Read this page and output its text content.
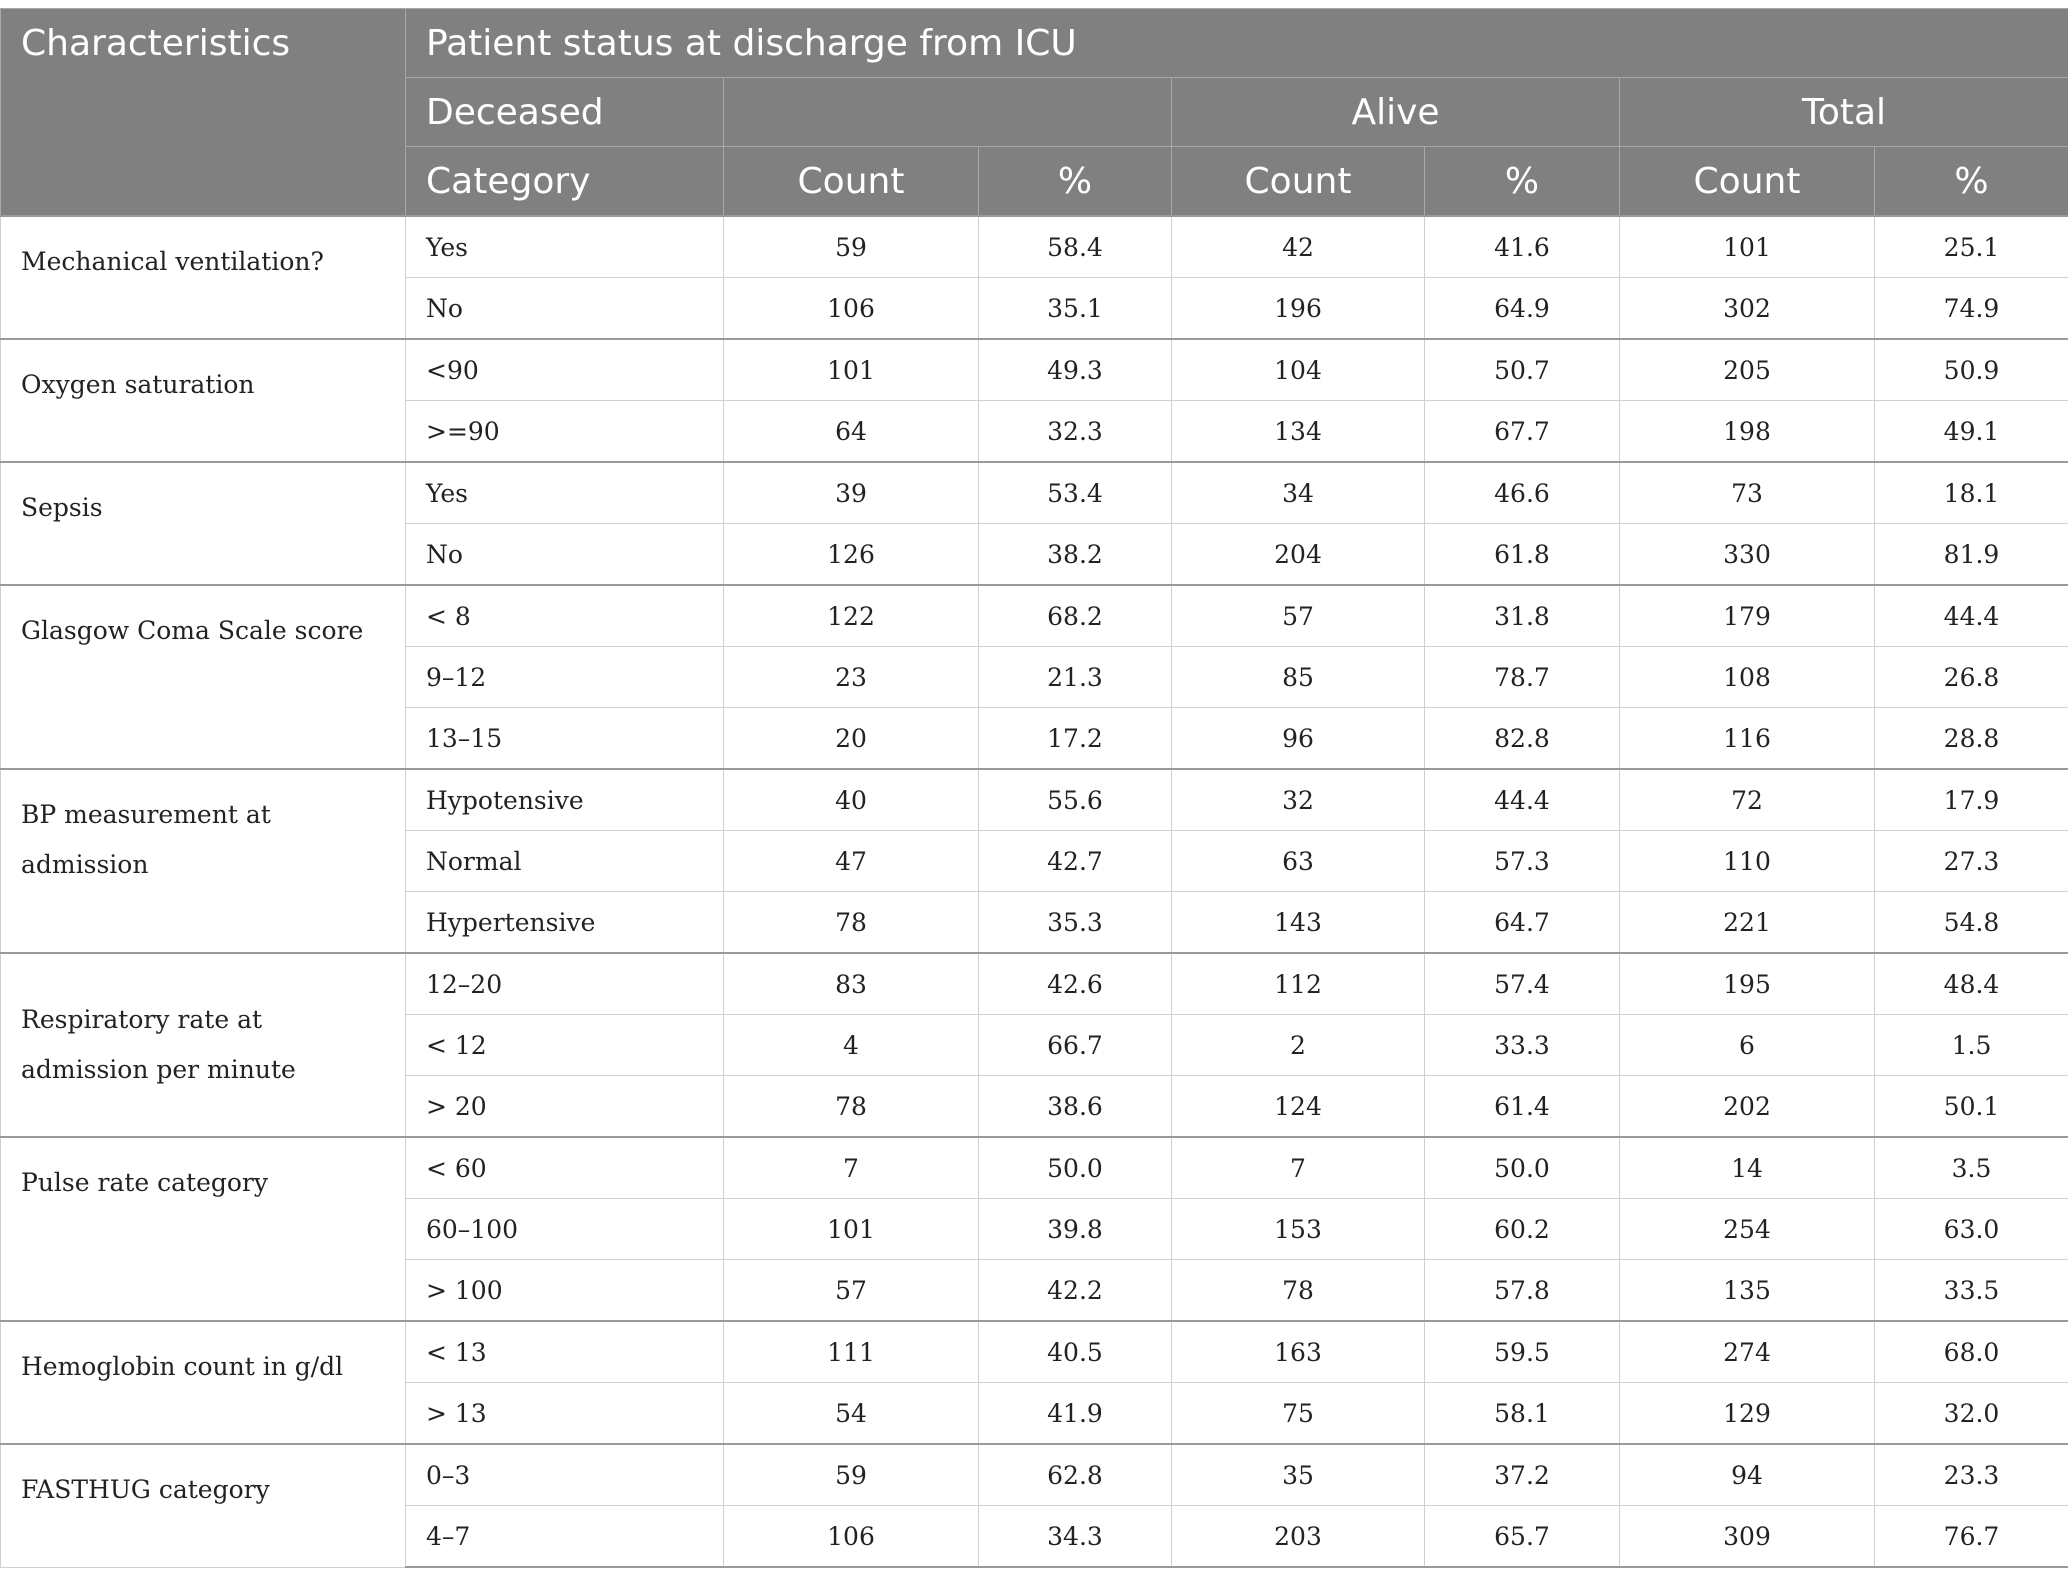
Characteristics	Patient status at discharge from ICU						
	Deceased			Alive		Total	
	Category	Count	%	Count	%	Count	%
Mechanical ventilation?	Yes	59	58.4	42	41.6	101	25.1
	No	106	35.1	196	64.9	302	74.9
Oxygen saturation	<90	101	49.3	104	50.7	205	50.9
	>=90	64	32.3	134	67.7	198	49.1
Sepsis	Yes	39	53.4	34	46.6	73	18.1
	No	126	38.2	204	61.8	330	81.9
Glasgow Coma Scale score	< 8	122	68.2	57	31.8	179	44.4
	9–12	23	21.3	85	78.7	108	26.8
	13–15	20	17.2	96	82.8	116	28.8
BP measurement at admission	Hypotensive	40	55.6	32	44.4	72	17.9
	Normal	47	42.7	63	57.3	110	27.3
	Hypertensive	78	35.3	143	64.7	221	54.8
Respiratory rate at admission per minute	12–20	83	42.6	112	57.4	195	48.4
	< 12	4	66.7	2	33.3	6	1.5
	> 20	78	38.6	124	61.4	202	50.1
Pulse rate category	< 60	7	50.0	7	50.0	14	3.5
	60–100	101	39.8	153	60.2	254	63.0
	> 100	57	42.2	78	57.8	135	33.5
Hemoglobin count in g/dl	< 13	111	40.5	163	59.5	274	68.0
	> 13	54	41.9	75	58.1	129	32.0
FASTHUG category	0–3	59	62.8	35	37.2	94	23.3
	4–7	106	34.3	203	65.7	309	76.7
